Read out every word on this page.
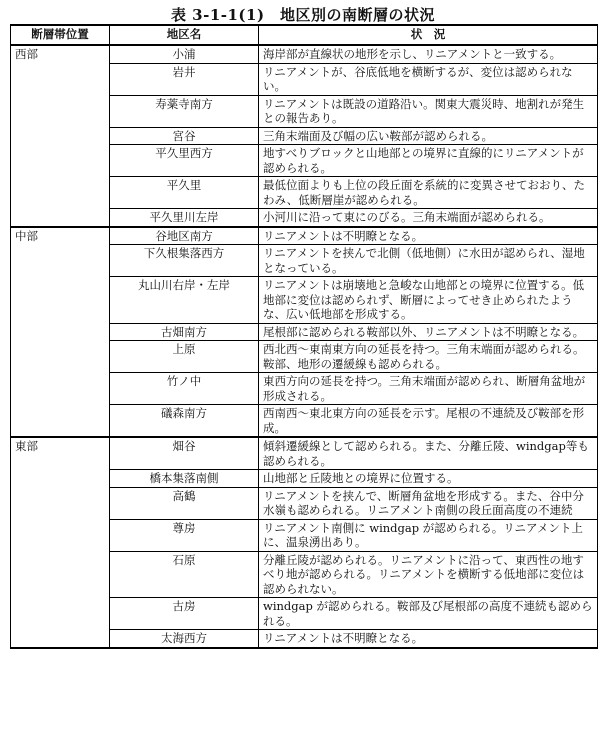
表 3-1-1(1)　地区別の南断層の状況
断層帯位置	地区名	状　況
西部	小浦	海岸部が直線状の地形を示し、リニアメントと一致する。
	岩井	リニアメントが、谷底低地を横断するが、変位は認められない。
	寿薬寺南方	リニアメントは既設の道路沿い。関東大震災時、地割れが発生との報告あり。
	宮谷	三角末端面及び幅の広い鞍部が認められる。
	平久里西方	地すべりブロックと山地部との境界に直線的にリニアメントが認められる。
	平久里	最低位面よりも上位の段丘面を系統的に変異させておおり、たわみ、低断層崖が認められる。
	平久里川左岸	小河川に沿って東にのびる。三角末端面が認められる。
中部	谷地区南方	リニアメントは不明瞭となる。
	下久根集落西方	リニアメントを挟んで北側（低地側）に水田が認められ、湿地となっている。
	丸山川右岸・左岸	リニアメントは崩壊地と急峻な山地部との境界に位置する。低地部に変位は認められず、断層によってせき止められたような、広い低地部を形成する。
	古畑南方	尾根部に認められる鞍部以外、リニアメントは不明瞭となる。
	上原	西北西～東南東方向の延長を持つ。三角末端面が認められる。鞍部、地形の遷緩線も認められる。
	竹ノ中	東西方向の延長を持つ。三角末端面が認められ、断層角盆地が形成される。
	礒森南方	西南西～東北東方向の延長を示す。尾根の不連続及び鞍部を形成。
東部	畑谷	傾斜遷緩線として認められる。また、分離丘陵、windgap等も認められる。
	橋本集落南側	山地部と丘陵地との境界に位置する。
	高鶴	リニアメントを挟んで、断層角盆地を形成する。また、谷中分水嶺も認められる。リニアメント南側の段丘面高度の不連続
	尊房	リニアメント南側に windgap が認められる。リニアメント上に、温泉湧出あり。
	石原	分離丘陵が認められる。リニアメントに沿って、東西性の地すべり地が認められる。リニアメントを横断する低地部に変位は認められない。
	古房	windgap が認められる。鞍部及び尾根部の高度不連続も認められる。
	太海西方	リニアメントは不明瞭となる。
